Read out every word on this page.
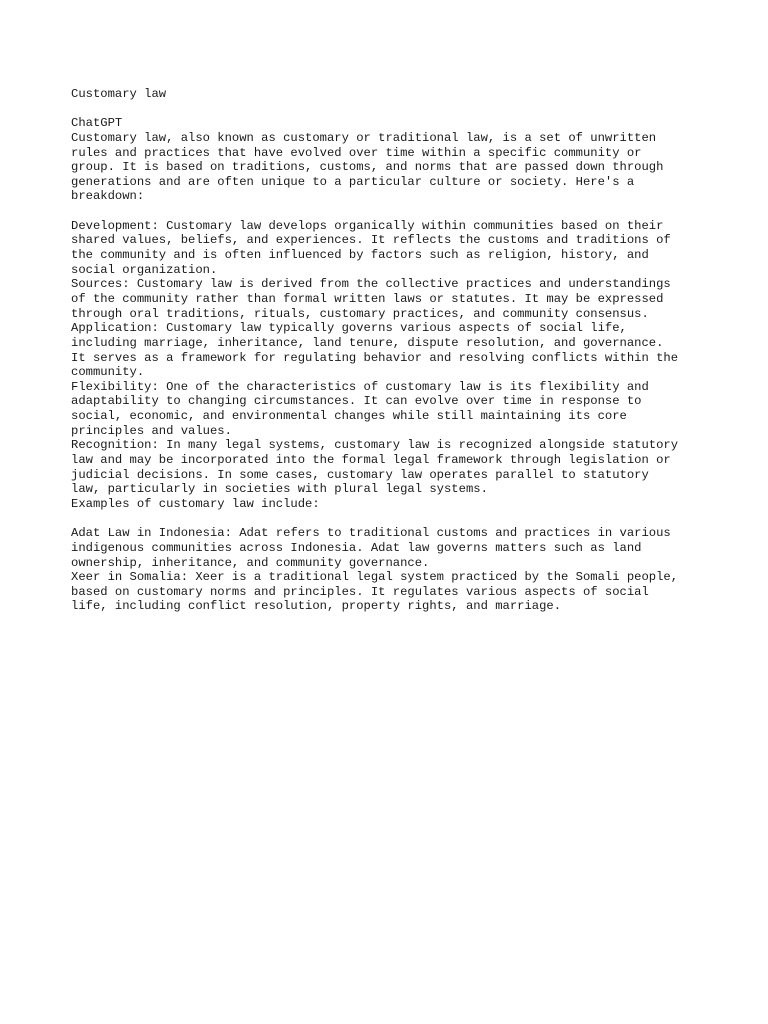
Customary law
ChatGPT
Customary law, also known as customary or traditional law, is a set of unwritten
rules and practices that have evolved over time within a specific community or
group. It is based on traditions, customs, and norms that are passed down through
generations and are often unique to a particular culture or society. Here's a
breakdown:
Development: Customary law develops organically within communities based on their
shared values, beliefs, and experiences. It reflects the customs and traditions of
the community and is often influenced by factors such as religion, history, and
social organization.
Sources: Customary law is derived from the collective practices and understandings
of the community rather than formal written laws or statutes. It may be expressed
through oral traditions, rituals, customary practices, and community consensus.
Application: Customary law typically governs various aspects of social life,
including marriage, inheritance, land tenure, dispute resolution, and governance.
It serves as a framework for regulating behavior and resolving conflicts within the
community.
Flexibility: One of the characteristics of customary law is its flexibility and
adaptability to changing circumstances. It can evolve over time in response to
social, economic, and environmental changes while still maintaining its core
principles and values.
Recognition: In many legal systems, customary law is recognized alongside statutory
law and may be incorporated into the formal legal framework through legislation or
judicial decisions. In some cases, customary law operates parallel to statutory
law, particularly in societies with plural legal systems.
Examples of customary law include:
Adat Law in Indonesia: Adat refers to traditional customs and practices in various
indigenous communities across Indonesia. Adat law governs matters such as land
ownership, inheritance, and community governance.
Xeer in Somalia: Xeer is a traditional legal system practiced by the Somali people,
based on customary norms and principles. It regulates various aspects of social
life, including conflict resolution, property rights, and marriage.
